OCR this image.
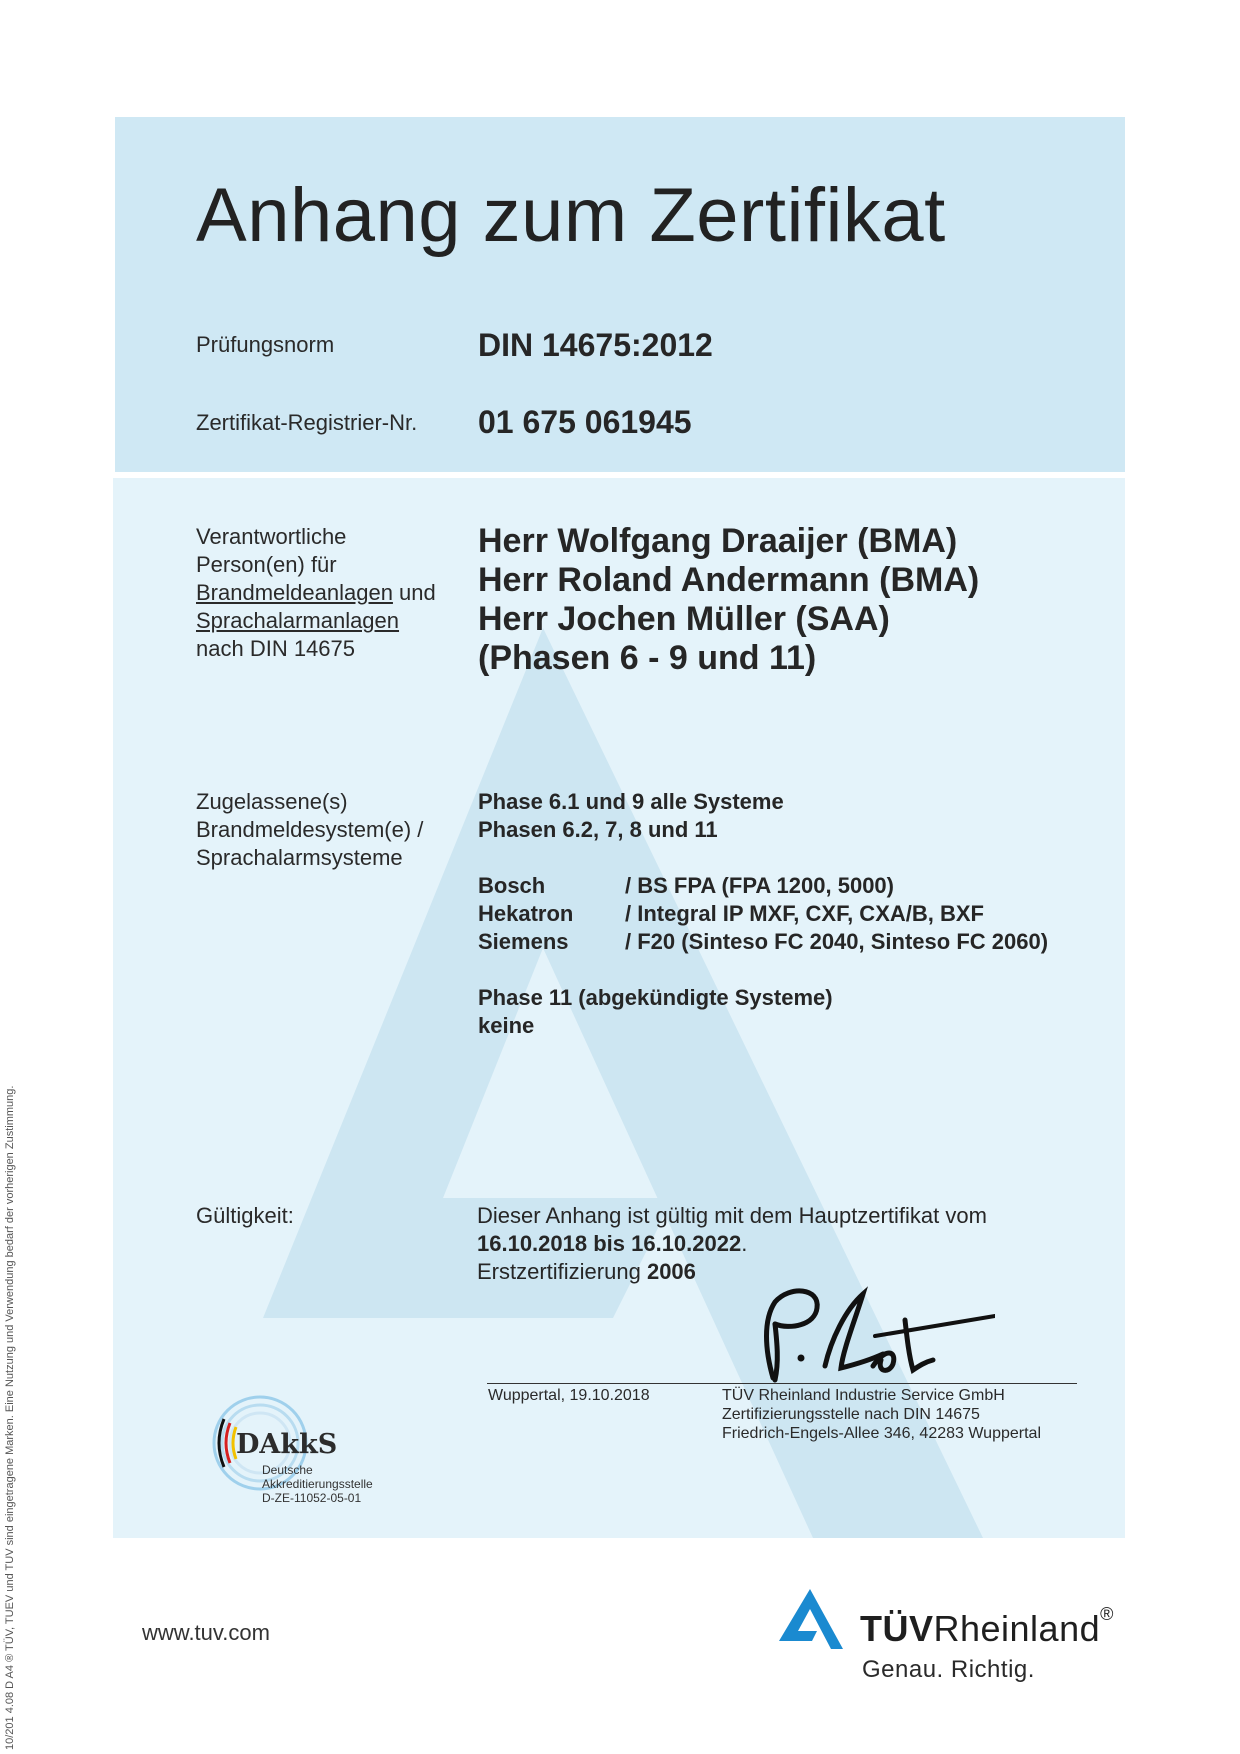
Anhang zum Zertifikat
Prüfungsnorm	DIN 14675:2012
Zertifikat-Registrier-Nr. 01 675 061945
Verantwortliche
Person(en) für
Brandmeldeanlagen und
Sprachalarmanlagen
nach DIN 14675
Herr Wolfgang Draaijer (BMA)
Herr Roland Andermann (BMA)
Herr Jochen Müller (SAA)
(Phasen 6 - 9 und 11)
Zugelassene(s)
Brandmeldesystem(e) /
Sprachalarmsysteme
Phase 6.1 und 9 alle Systeme
Phasen 6.2, 7, 8 und 11
Bosch	/ BS FPA (FPA 1200, 5000)
Hekatron	/ Integral IP MXF, CXF, CXA/B, BXF
Siemens	/ F20 (Sinteso FC 2040, Sinteso FC 2060)
Phase 11 (abgekündigte Systeme)
keine
Gültigkeit:	Dieser Anhang ist gültig mit dem Hauptzertifikat vom
16.10.2018 bis 16.10.2022.
Erstzertifizierung 2006
Wuppertal, 19.10.2018	TÜV Rheinland Industrie Service GmbH
Zertifizierungsstelle nach DIN 14675
Friedrich-Engels-Allee 346, 42283 Wuppertal
DAkkS
Deutsche
Akkreditierungsstelle
D-ZE-11052-05-01
10/201 4.08 D A4 ® TÜV, TUEV und TUV sind eingetragene Marken. Eine Nutzung und Verwendung bedarf der vorherigen Zustimmung.	www.tuv.com	TÜVRheinland®
Genau. Richtig.
